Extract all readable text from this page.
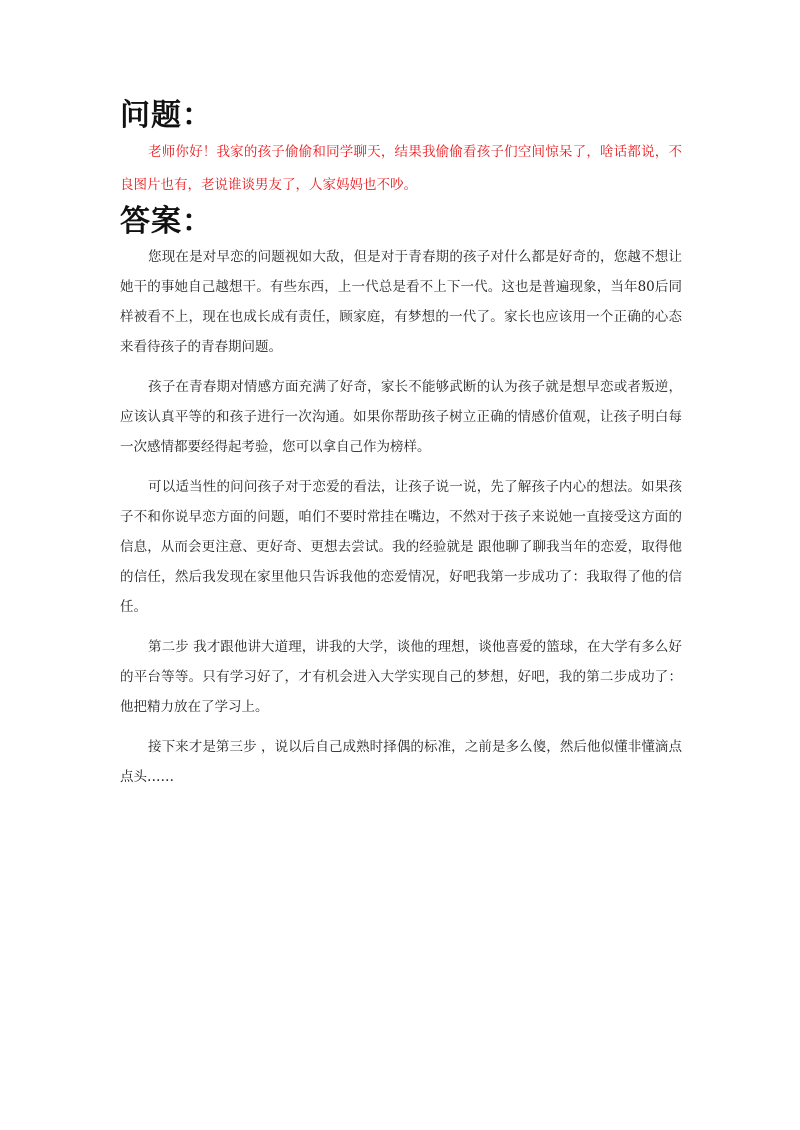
问题：

老师你好！我家的孩子偷偷和同学聊天，结果我偷偷看孩子们空间惊呆了，啥话都说，不良图片也有，老说谁谈男友了，人家妈妈也不吵。

答案：

您现在是对早恋的问题视如大敌，但是对于青春期的孩子对什么都是好奇的，您越不想让她干的事她自己越想干。有些东西，上一代总是看不上下一代。这也是普遍现象，当年80后同样被看不上，现在也成长成有责任，顾家庭，有梦想的一代了。家长也应该用一个正确的心态来看待孩子的青春期问题。

孩子在青春期对情感方面充满了好奇，家长不能够武断的认为孩子就是想早恋或者叛逆，应该认真平等的和孩子进行一次沟通。如果你帮助孩子树立正确的情感价值观，让孩子明白每一次感情都要经得起考验，您可以拿自己作为榜样。

可以适当性的问问孩子对于恋爱的看法，让孩子说一说，先了解孩子内心的想法。如果孩子不和你说早恋方面的问题，咱们不要时常挂在嘴边，不然对于孩子来说她一直接受这方面的信息，从而会更注意、更好奇、更想去尝试。我的经验就是 跟他聊了聊我当年的恋爱，取得他的信任，然后我发现在家里他只告诉我他的恋爱情况，好吧我第一步成功了：我取得了他的信任。

第二步 我才跟他讲大道理，讲我的大学，谈他的理想，谈他喜爱的篮球，在大学有多么好的平台等等。只有学习好了，才有机会进入大学实现自己的梦想，好吧，我的第二步成功了：他把精力放在了学习上。

接下来才是第三步 ，说以后自己成熟时择偶的标准，之前是多么傻，然后他似懂非懂滴点点头……
